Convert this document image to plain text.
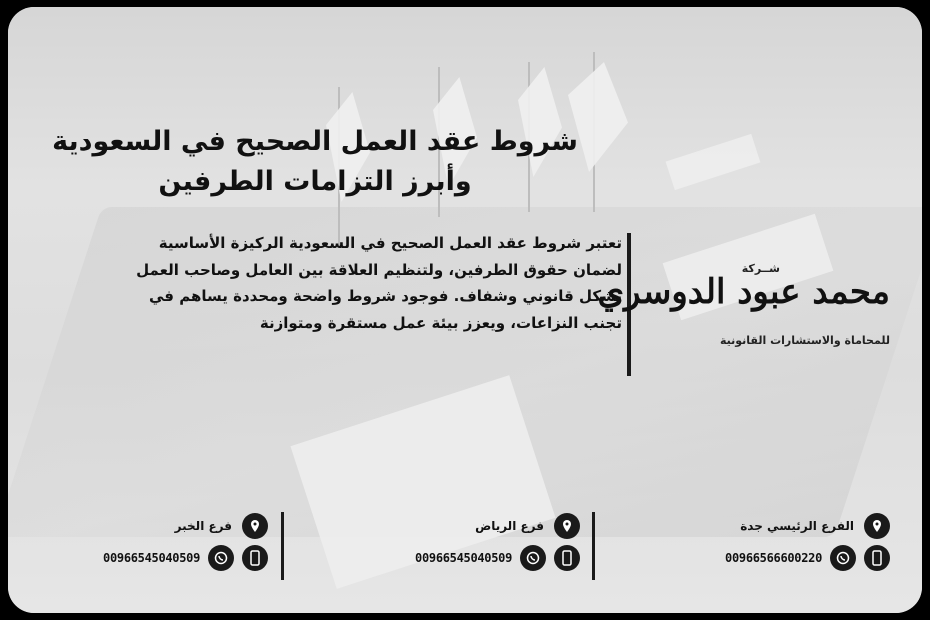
شروط عقد العمل الصحيح في السعودية وأبرز التزامات الطرفين
تعتبر شروط عقد العمل الصحيح في السعودية الركيزة الأساسية لضمان حقوق الطرفين، ولتنظيم العلاقة بين العامل وصاحب العمل بشكل قانوني وشفاف. فوجود شروط واضحة ومحددة يساهم في تجنب النزاعات، ويعزز بيئة عمل مستقرة ومتوازنة
شــركة
محمد عبود الدوسري
للمحاماة والاستشارات القانونية
الفرع الرئيسي جدة
00966566600220
فرع الرياض
00966545040509
فرع الخبر
00966545040509
